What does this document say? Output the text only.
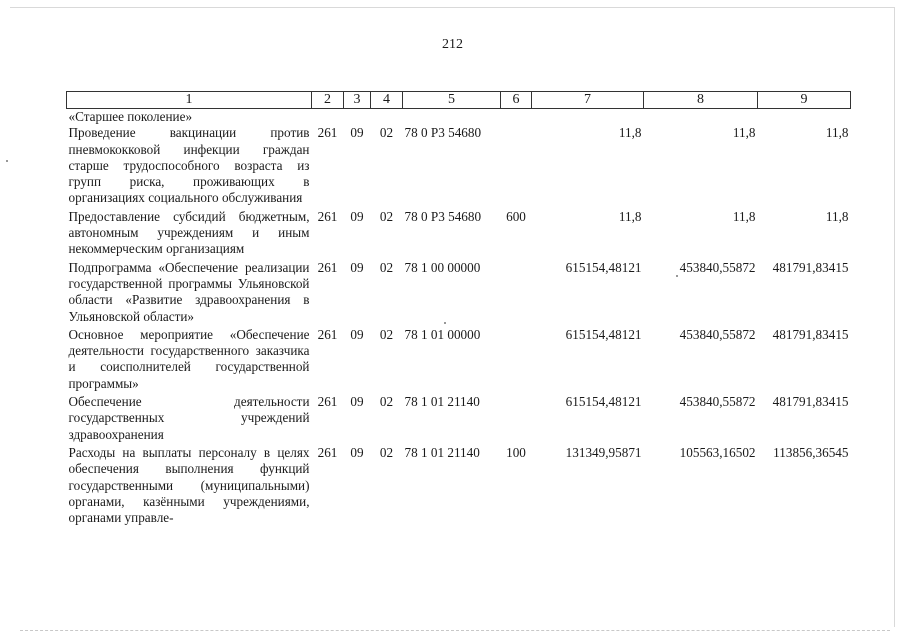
212
1	2	3	4	5	6	7	8	9
«Старшее поколение»								
Проведение вакцинации против пневмококковой инфекции граждан старше трудоспособного возраста из групп риска, проживающих в организациях социального обслуживания	261	09	02	78 0 P3 54680		11,8	11,8	11,8
Предоставление субсидий бюджетным, автономным учреждениям и иным некоммерческим организациям	261	09	02	78 0 P3 54680	600	11,8	11,8	11,8
Подпрограмма «Обеспечение реализации государственной программы Ульяновской области «Развитие здравоохранения в Ульяновской области»	261	09	02	78 1 00 00000		615154,48121	453840,55872	481791,83415
Основное мероприятие «Обеспечение деятельности государственного заказчика и соисполнителей государственной программы»	261	09	02	78 1 01 00000		615154,48121	453840,55872	481791,83415
Обеспечение деятельности государственных учреждений здравоохранения	261	09	02	78 1 01 21140		615154,48121	453840,55872	481791,83415
Расходы на выплаты персоналу в целях обеспечения выполнения функций государственными (муниципальными) органами, казёнными учреждениями, органами управле-	261	09	02	78 1 01 21140	100	131349,95871	105563,16502	113856,36545
